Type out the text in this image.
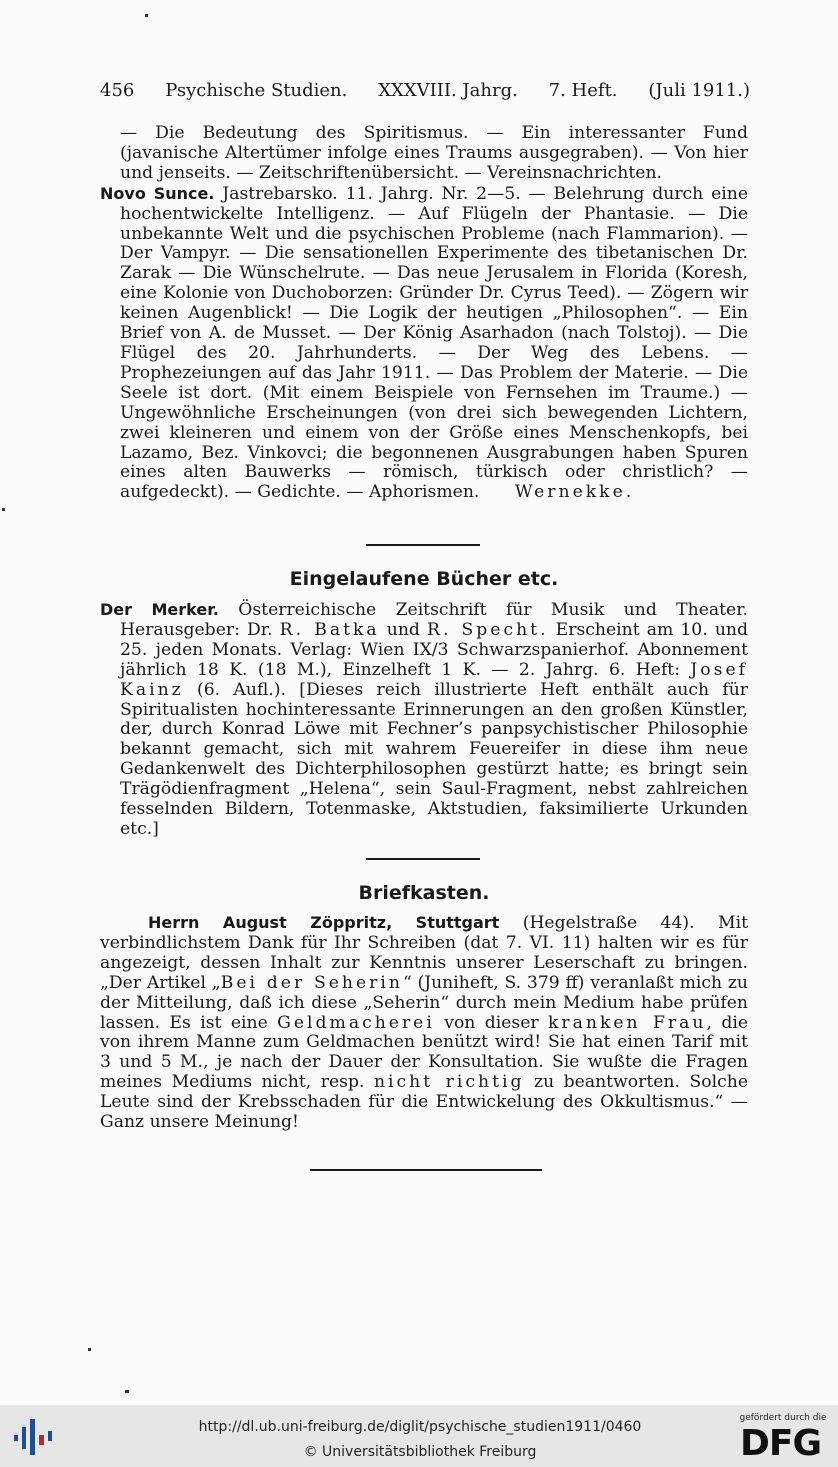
456 Psychische Studien. XXXVIII. Jahrg. 7. Heft. (Juli 1911.)

— Die Bedeutung des Spiritismus. — Ein interessanter Fund (javanische Altertümer infolge eines Traums ausgegraben). — Von hier und jenseits. — Zeitschriftenübersicht. — Vereinsnachrichten.

Novo Sunce. Jastrebarsko. 11. Jahrg. Nr. 2—5. — Belehrung durch eine hochentwickelte Intelligenz. — Auf Flügeln der Phantasie. — Die unbekannte Welt und die psychischen Probleme (nach Flammarion). — Der Vampyr. — Die sensationellen Experimente des tibetanischen Dr. Zarak — Die Wünschelrute. — Das neue Jerusalem in Florida (Koresh, eine Kolonie von Duchoborzen: Gründer Dr. Cyrus Teed). — Zögern wir keinen Augenblick! — Die Logik der heutigen „Philosophen“. — Ein Brief von A. de Musset. — Der König Asarhadon (nach Tolstoj). — Die Flügel des 20. Jahrhunderts. — Der Weg des Lebens. — Prophezeiungen auf das Jahr 1911. — Das Problem der Materie. — Die Seele ist dort. (Mit einem Beispiele von Fernsehen im Traume.) — Ungewöhnliche Erscheinungen (von drei sich bewegenden Lichtern, zwei kleineren und einem von der Größe eines Menschenkopfs, bei Lazamo, Bez. Vinkovci; die begonnenen Ausgrabungen haben Spuren eines alten Bauwerks — römisch, türkisch oder christlich? — aufgedeckt). — Gedichte. — Aphorismen. Wernekke.

Eingelaufene Bücher etc.

Der Merker. Österreichische Zeitschrift für Musik und Theater. Herausgeber: Dr. R. Batka und R. Specht. Erscheint am 10. und 25. jeden Monats. Verlag: Wien IX/3 Schwarzspanierhof. Abonnement jährlich 18 K. (18 M.), Einzelheft 1 K. — 2. Jahrg. 6. Heft: Josef Kainz (6. Aufl.). [Dieses reich illustrierte Heft enthält auch für Spiritualisten hochinteressante Erinnerungen an den großen Künstler, der, durch Konrad Löwe mit Fechner’s panpsychistischer Philosophie bekannt gemacht, sich mit wahrem Feuereifer in diese ihm neue Gedankenwelt des Dichterphilosophen gestürzt hatte; es bringt sein Trägödienfragment „Helena“, sein Saul-Fragment, nebst zahlreichen fesselnden Bildern, Totenmaske, Aktstudien, faksimilierte Urkunden etc.]

Briefkasten.

Herrn August Zöppritz, Stuttgart (Hegelstraße 44). Mit verbindlichstem Dank für Ihr Schreiben (dat 7. VI. 11) halten wir es für angezeigt, dessen Inhalt zur Kenntnis unserer Leserschaft zu bringen. „Der Artikel „Bei der Seherin“ (Juniheft, S. 379 ff) veranlaßt mich zu der Mitteilung, daß ich diese „Seherin“ durch mein Medium habe prüfen lassen. Es ist eine Geldmacherei von dieser kranken Frau, die von ihrem Manne zum Geldmachen benützt wird! Sie hat einen Tarif mit 3 und 5 M., je nach der Dauer der Konsultation. Sie wußte die Fragen meines Mediums nicht, resp. nicht richtig zu beantworten. Solche Leute sind der Krebsschaden für die Entwickelung des Okkultismus.“ — Ganz unsere Meinung!

http://dl.ub.uni-freiburg.de/diglit/psychische_studien1911/0460
© Universitätsbibliothek Freiburg
gefördert durch die
DFG
